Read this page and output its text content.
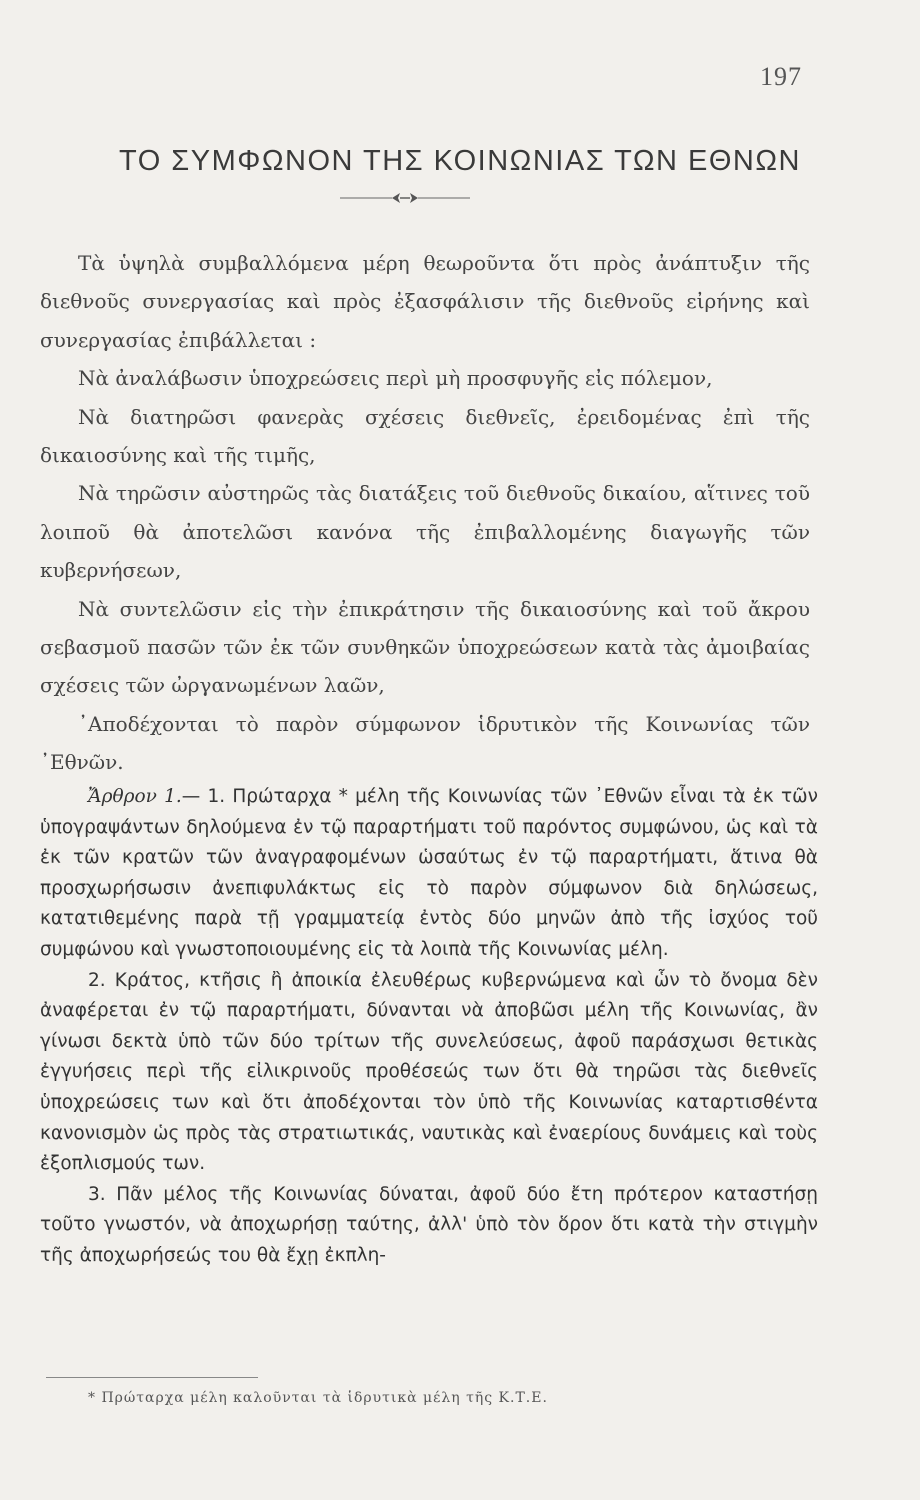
197
ΤΟ ΣΥΜΦΩΝΟΝ ΤΗΣ ΚΟΙΝΩΝΙΑΣ ΤΩΝ ΕΘΝΩΝ

Τὰ ὑψηλὰ συμβαλλόμενα μέρη θεωροῦντα ὅτι πρὸς ἀνάπτυξιν τῆς διεθνοῦς συνεργασίας καὶ πρὸς ἐξασφάλισιν τῆς διεθνοῦς εἰρήνης καὶ συνεργασίας ἐπιβάλλεται :

Νὰ ἀναλάβωσιν ὑποχρεώσεις περὶ μὴ προσφυγῆς εἰς πόλεμον,

Νὰ διατηρῶσι φανερὰς σχέσεις διεθνεῖς, ἐρειδομένας ἐπὶ τῆς δικαιοσύνης καὶ τῆς τιμῆς,

Νὰ τηρῶσιν αὐστηρῶς τὰς διατάξεις τοῦ διεθνοῦς δικαίου, αἵτινες τοῦ λοιποῦ θὰ ἀποτελῶσι κανόνα τῆς ἐπιβαλλομένης διαγωγῆς τῶν κυβερνήσεων,

Νὰ συντελῶσιν εἰς τὴν ἐπικράτησιν τῆς δικαιοσύνης καὶ τοῦ ἄκρου σεβασμοῦ πασῶν τῶν ἐκ τῶν συνθηκῶν ὑποχρεώσεων κατὰ τὰς ἀμοιβαίας σχέσεις τῶν ὠργανωμένων λαῶν,

᾿Αποδέχονται τὸ παρὸν σύμφωνον ἱδρυτικὸν τῆς Κοινωνίας τῶν ᾿Εθνῶν.

Ἄρθρον 1.— 1. Πρώταρχα * μέλη τῆς Κοινωνίας τῶν ᾿Εθνῶν εἶναι τὰ ἐκ τῶν ὑπογραψάντων δηλούμενα ἐν τῷ παραρτήματι τοῦ παρόντος συμφώνου, ὡς καὶ τὰ ἐκ τῶν κρατῶν τῶν ἀναγραφομένων ὡσαύτως ἐν τῷ παραρτήματι, ἅτινα θὰ προσχωρήσωσιν ἀνεπιφυλάκτως εἰς τὸ παρὸν σύμφωνον διὰ δηλώσεως, κατατιθεμένης παρὰ τῇ γραμματείᾳ ἐντὸς δύο μηνῶν ἀπὸ τῆς ἰσχύος τοῦ συμφώνου καὶ γνωστοποιουμένης εἰς τὰ λοιπὰ τῆς Κοινωνίας μέλη.

2. Κράτος, κτῆσις ἢ ἀποικία ἐλευθέρως κυβερνώμενα καὶ ὧν τὸ ὄνομα δὲν ἀναφέρεται ἐν τῷ παραρτήματι, δύνανται νὰ ἀποβῶσι μέλη τῆς Κοινωνίας, ἂν γίνωσι δεκτὰ ὑπὸ τῶν δύο τρίτων τῆς συνελεύσεως, ἀφοῦ παράσχωσι θετικὰς ἐγγυήσεις περὶ τῆς εἰλικρινοῦς προθέσεώς των ὅτι θὰ τηρῶσι τὰς διεθνεῖς ὑποχρεώσεις των καὶ ὅτι ἀποδέχονται τὸν ὑπὸ τῆς Κοινωνίας καταρτισθέντα κανονισμὸν ὡς πρὸς τὰς στρατιωτικάς, ναυτικὰς καὶ ἐναερίους δυνάμεις καὶ τοὺς ἐξοπλισμούς των.

3. Πᾶν μέλος τῆς Κοινωνίας δύναται, ἀφοῦ δύο ἔτη πρότερον καταστήσῃ τοῦτο γνωστόν, νὰ ἀποχωρήσῃ ταύτης, ἀλλ' ὑπὸ τὸν ὅρον ὅτι κατὰ τὴν στιγμὴν τῆς ἀποχωρήσεώς του θὰ ἔχῃ ἐκπλη-

* Πρώταρχα μέλη καλοῦνται τὰ ἱδρυτικὰ μέλη τῆς Κ.Τ.Ε.
